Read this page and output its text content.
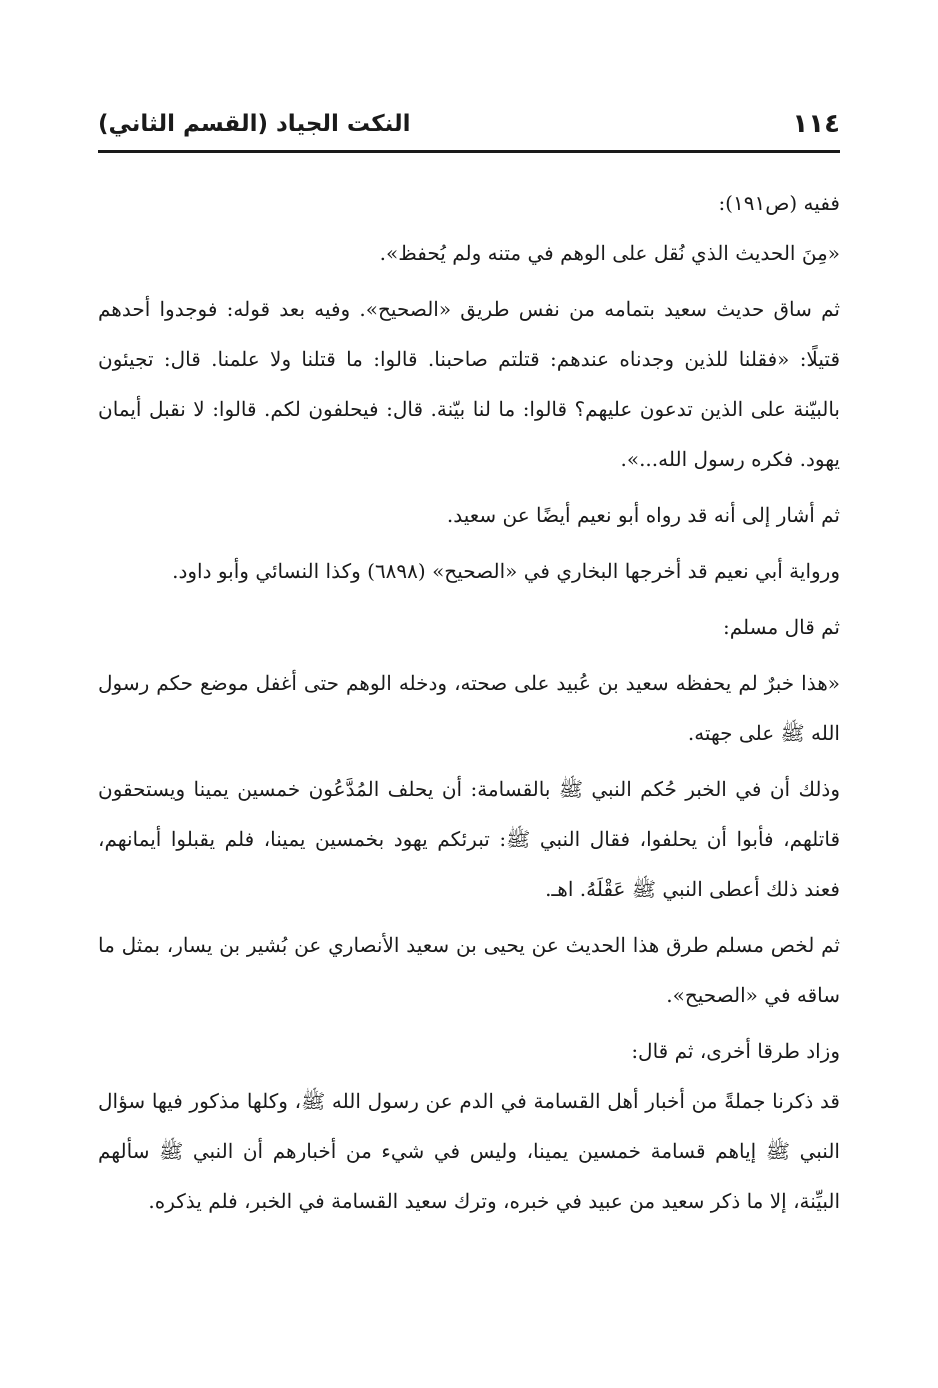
١١٤
النكت الجياد (القسم الثاني)

ففيه (ص١٩١):

«مِنَ الحديث الذي نُقل على الوهم في متنه ولم يُحفظ».

ثم ساق حديث سعيد بتمامه من نفس طريق «الصحيح». وفيه بعد قوله: فوجدوا أحدهم قتيلًا: «فقلنا للذين وجدناه عندهم: قتلتم صاحبنا. قالوا: ما قتلنا ولا علمنا. قال: تجيئون بالبيّنة على الذين تدعون عليهم؟ قالوا: ما لنا بيّنة. قال: فيحلفون لكم. قالوا: لا نقبل أيمان يهود. فكره رسول الله...».

ثم أشار إلى أنه قد رواه أبو نعيم أيضًا عن سعيد.

ورواية أبي نعيم قد أخرجها البخاري في «الصحيح» (٦٨٩٨) وكذا النسائي وأبو داود.

ثم قال مسلم:

«هذا خبرٌ لم يحفظه سعيد بن عُبيد على صحته، ودخله الوهم حتى أغفل موضع حكم رسول الله ﷺ على جهته.

وذلك أن في الخبر حُكم النبي ﷺ بالقسامة: أن يحلف المُدَّعُون خمسين يمينا ويستحقون قاتلهم، فأبوا أن يحلفوا، فقال النبي ﷺ: تبرئكم يهود بخمسين يمينا، فلم يقبلوا أيمانهم، فعند ذلك أعطى النبي ﷺ عَقْلَهُ. اهـ.

ثم لخص مسلم طرق هذا الحديث عن يحيى بن سعيد الأنصاري عن بُشير بن يسار، بمثل ما ساقه في «الصحيح».

وزاد طرقا أخرى، ثم قال:

قد ذكرنا جملةً من أخبار أهل القسامة في الدم عن رسول الله ﷺ، وكلها مذكور فيها سؤال النبي ﷺ إياهم قسامة خمسين يمينا، وليس في شيء من أخبارهم أن النبي ﷺ سألهم البيِّنة، إلا ما ذكر سعيد من عبيد في خبره، وترك سعيد القسامة في الخبر، فلم يذكره.
